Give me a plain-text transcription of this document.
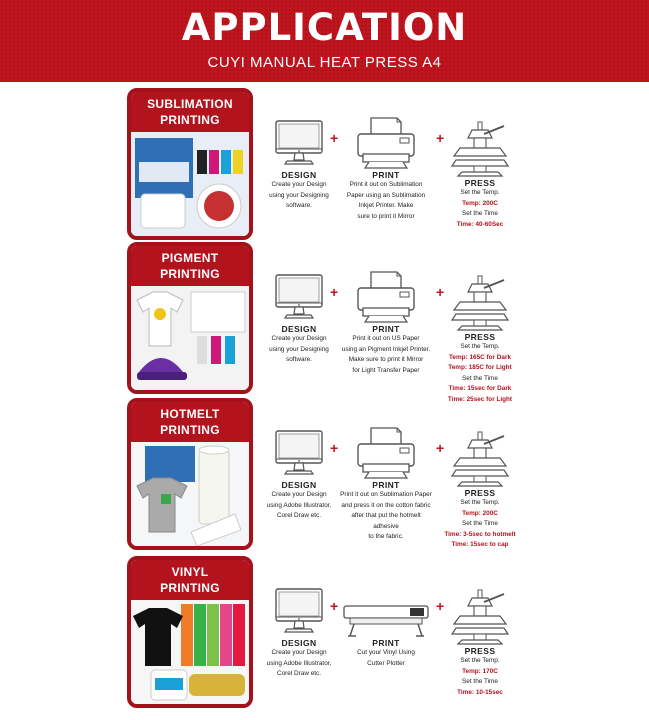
APPLICATION
CUYI MANUAL HEAT PRESS A4
SUBLIMATION
PRINTING
DESIGN
Create your Design
using your Designing
software.
+
PRINT
Print it out on Sublimation
Paper using an Sublimation
Inkjet Printer. Make
sure to print it Mirror
+
PRESS
Set the Temp.
Temp: 200C
Set the Time
Time: 40-60Sec
PIGMENT
PRINTING
DESIGN
Create your Design
using your Designing
software.
+
PRINT
Print it out on US Paper
using an Pigment Inkjet Printer.
Make sure to print it Mirror
for Light Transfer Paper
+
PRESS
Set the Temp.
Temp: 165C for Dark
Temp: 185C for Light
Set the Time
Time: 15sec for Dark
Time: 25sec for Light
HOTMELT
PRINTING
DESIGN
Create your Design
using Adobe Illustrator,
Corel Draw etc.
+
PRINT
Print it out on Sublimation Paper
and press it on the cotton fabric
after that put the hotmelt adhesive
to the fabric.
+
PRESS
Set the Temp.
Temp: 200C
Set the Time
Time: 3-5sec to hotmelt
Time: 15sec to cap
VINYL
PRINTING
DESIGN
Create your Design
using Adobe Illustrator,
Corel Draw etc.
+
PRINT
Cut your Vinyl Using
Cutter Plotter
+
PRESS
Set the Temp.
Temp: 170C
Set the Time
Time: 10-15sec
